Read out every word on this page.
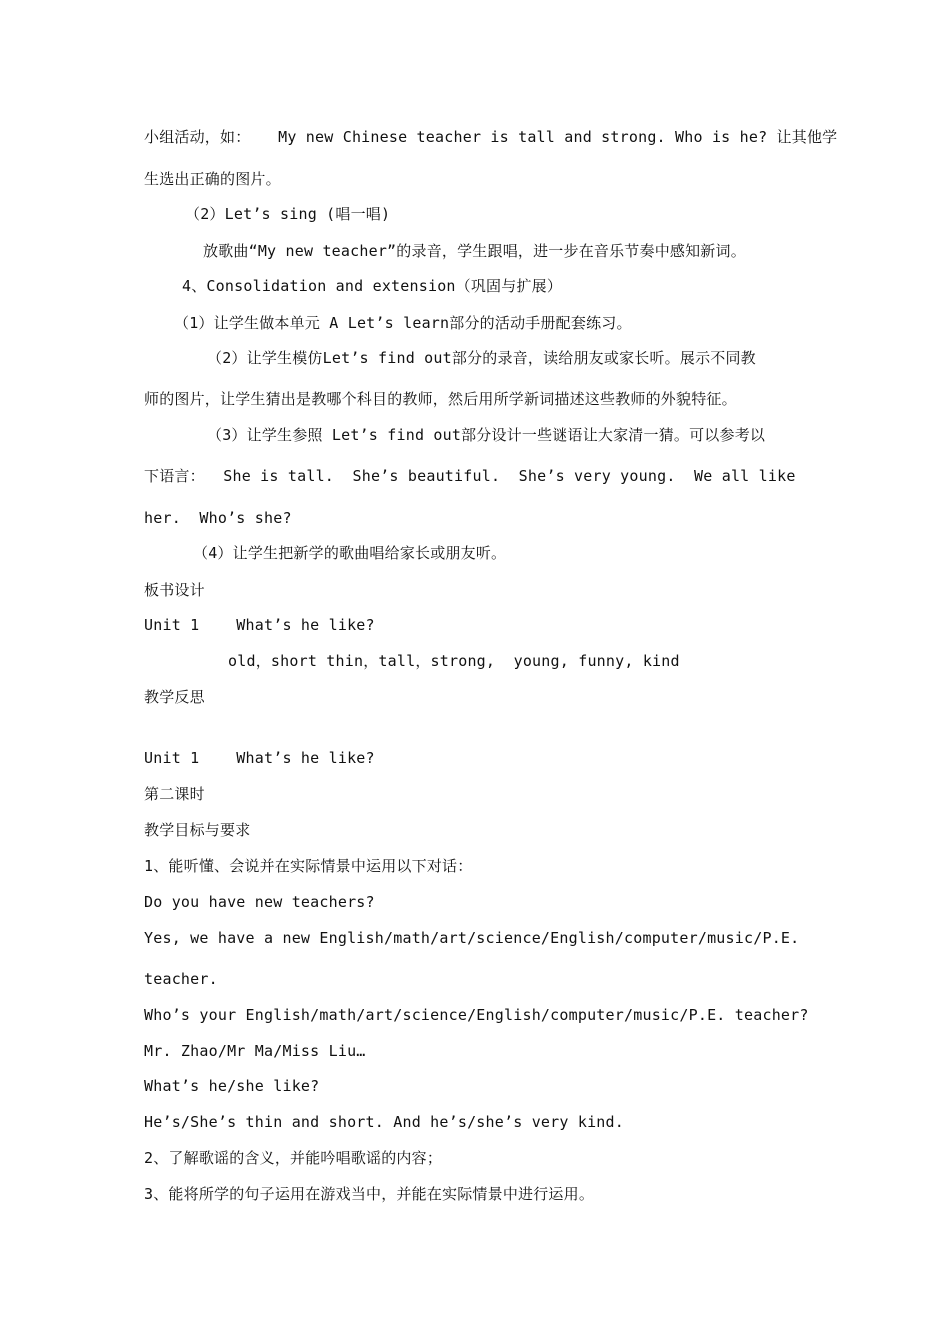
小组活动，如：   My new Chinese teacher is tall and strong. Who is he? 让其他学
生选出正确的图片。
（2）Let’s sing (唱一唱)
放歌曲“My new teacher”的录音，学生跟唱，进一步在音乐节奏中感知新词。
4、Consolidation and extension（巩固与扩展）
（1）让学生做本单元 A Let’s learn部分的活动手册配套练习。
（2）让学生模仿Let’s find out部分的录音，读给朋友或家长听。展示不同教
师的图片，让学生猜出是教哪个科目的教师，然后用所学新词描述这些教师的外貌特征。
（3）让学生参照 Let’s find out部分设计一些谜语让大家清一猜。可以参考以
下语言：  She is tall.  She’s beautiful.  She’s very young.  We all like
her.  Who’s she?
（4）让学生把新学的歌曲唱给家长或朋友听。
板书设计
Unit 1    What’s he like?
old，short thin，tall，strong,  young, funny, kind
教学反思
Unit 1    What’s he like?
第二课时
教学目标与要求
1、能听懂、会说并在实际情景中运用以下对话：
Do you have new teachers?
Yes, we have a new English/math/art/science/English/computer/music/P.E.
teacher.
Who’s your English/math/art/science/English/computer/music/P.E. teacher?
Mr. Zhao/Mr Ma/Miss Liu…
What’s he/she like?
He’s/She’s thin and short. And he’s/she’s very kind.
2、了解歌谣的含义，并能吟唱歌谣的内容；
3、能将所学的句子运用在游戏当中，并能在实际情景中进行运用。
